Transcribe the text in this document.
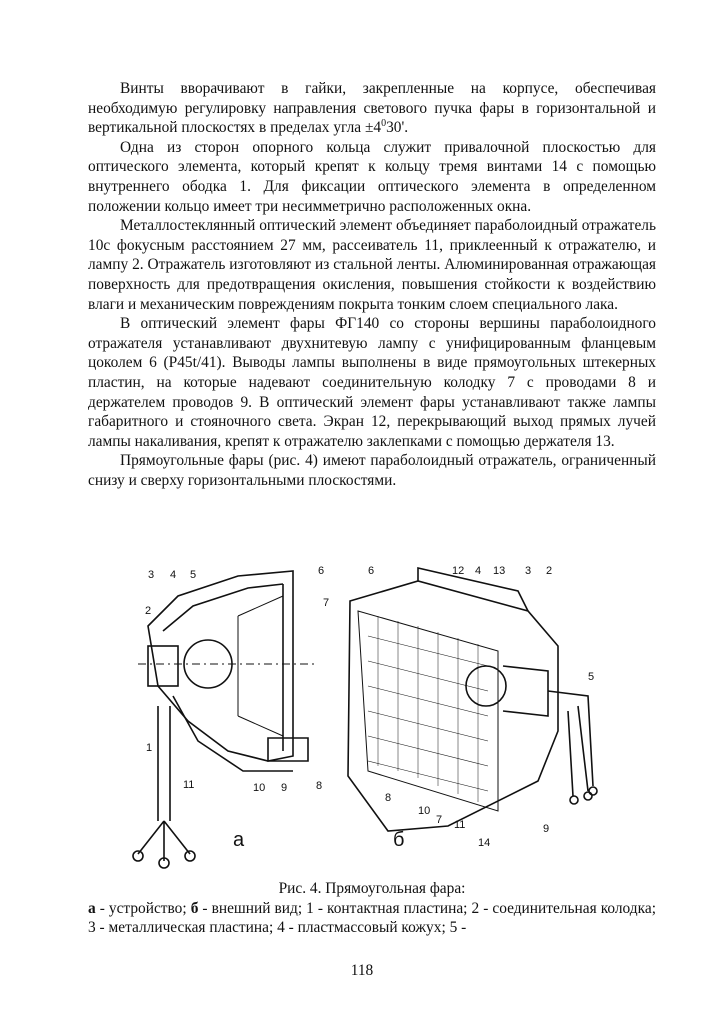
Винты вворачивают в гайки, закрепленные на корпусе, обеспечивая необходимую регулировку направления светового пучка фары в горизонтальной и вертикальной плоскостях в пределах угла $\pm 4^030'$.

Одна из сторон опорного кольца служит привалочной плоскостью для оптического элемента, который крепят к кольцу тремя винтами 14 с помощью внутреннего ободка 1. Для фиксации оптического элемента в определенном положении кольцо имеет три несимметрично расположенных окна.

Металлостеклянный оптический элемент объединяет параболоидный отражатель 10с фокусным расстоянием 27 мм, рассеиватель 11, приклеенный к отражателю, и лампу 2. Отражатель изготовляют из стальной ленты. Алюминированная отражающая поверхность для предотвращения окисления, повышения стойкости к воздействию влаги и механическим повреждениям покрыта тонким слоем специального лака.

В оптический элемент фары ФГ140 со стороны вершины параболоидного отражателя устанавливают двухнитевую лампу с унифицированным фланцевым цоколем 6 (Р45t/41). Выводы лампы выполнены в виде прямоугольных штекерных пластин, на которые надевают соединительную колодку 7 с проводами 8 и держателем проводов 9. В оптический элемент фары устанавливают также лампы габаритного и стояночного света. Экран 12, перекрывающий выход прямых лучей лампы накаливания, крепят к отражателю заклепками с помощью держателя 13.

Прямоугольные фары (рис. 4) имеют параболоидный отражатель, ограниченный снизу и сверху горизонтальными плоскостями.

3 4 5	6
2
7
1
11	10 9	8
а
6	12 4 13 3 2
5
8
10
7 11
14
9
б
Рис. 4. Прямоугольная фара:
а - устройство; б - внешний вид; 1 - контактная пластина; 2 - соединительная колодка; 3 - металлическая пластина; 4 - пластмассовый кожух; 5 -
118
